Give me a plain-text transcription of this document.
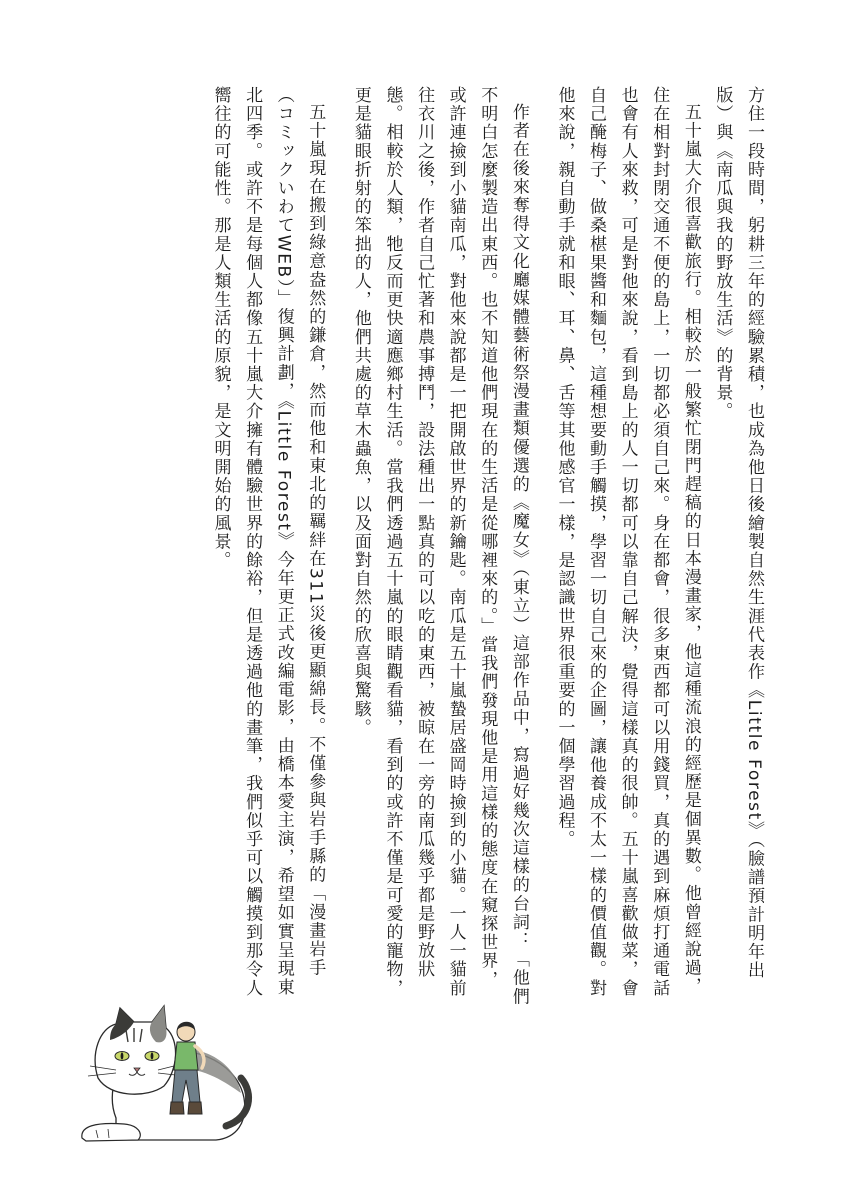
方住一段時間，躬耕三年的經驗累積，也成為他日後繪製自然生涯代表作《Little Forest》（臉譜預計明年出版）與《南瓜與我的野放生活》的背景。

五十嵐大介很喜歡旅行。相較於一般繁忙閉門趕稿的日本漫畫家，他這種流浪的經歷是個異數。他曾經說過，住在相對封閉交通不便的島上，一切都必須自己來。身在都會，很多東西都可以用錢買，真的遇到麻煩打通電話也會有人來救，可是對他來說，看到島上的人一切都可以靠自己解決，覺得這樣真的很帥。五十嵐喜歡做菜，會自己醃梅子、做桑椹果醬和麵包，這種想要動手觸摸，學習一切自己來的企圖，讓他養成不太一樣的價值觀。對他來說，親自動手就和眼、耳、鼻、舌等其他感官一樣，是認識世界很重要的一個學習過程。

作者在後來奪得文化廳媒體藝術祭漫畫類優選的《魔女》（東立）這部作品中，寫過好幾次這樣的台詞：「他們不明白怎麼製造出東西。也不知道他們現在的生活是從哪裡來的。」當我們發現他是用這樣的態度在窺探世界，或許連撿到小貓南瓜，對他來說都是一把開啟世界的新鑰匙。南瓜是五十嵐蟄居盛岡時撿到的小貓。一人一貓前往衣川之後，作者自己忙著和農事搏鬥，設法種出一點真的可以吃的東西，被晾在一旁的南瓜幾乎都是野放狀態。相較於人類，牠反而更快適應鄉村生活。當我們透過五十嵐的眼睛觀看貓，看到的或許不僅是可愛的寵物，更是貓眼折射的笨拙的人，他們共處的草木蟲魚，以及面對自然的欣喜與驚駭。

五十嵐現在搬到綠意盎然的鎌倉，然而他和東北的羈絆在311災後更顯綿長。不僅參與岩手縣的「漫畫岩手（コミックいわてWEB）」復興計劃，《Little Forest》今年更正式改編電影，由橋本愛主演，希望如實呈現東北四季。或許不是每個人都像五十嵐大介擁有體驗世界的餘裕，但是透過他的畫筆，我們似乎可以觸摸到那令人嚮往的可能性。那是人類生活的原貌，是文明開始的風景。
